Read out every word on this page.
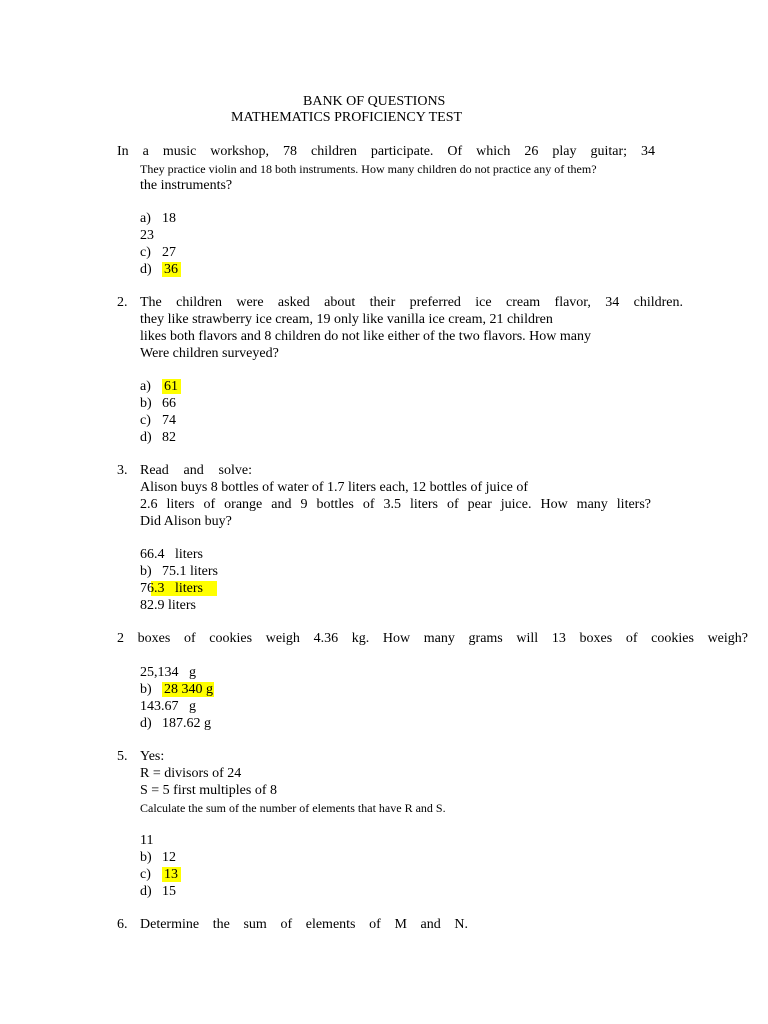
BANK OF QUESTIONS
MATHEMATICS PROFICIENCY TEST
In a music workshop, 78 children participate. Of which 26 play guitar; 34
They practice violin and 18 both instruments. How many children do not practice any of them?
the instruments?
a) 18
23
c) 27
d) 36
2. The children were asked about their preferred ice cream flavor, 34 children.
they like strawberry ice cream, 19 only like vanilla ice cream, 21 children
likes both flavors and 8 children do not like either of the two flavors. How many
Were children surveyed?
a) 61
b) 66
c) 74
d) 82
3. Read and solve:
Alison buys 8 bottles of water of 1.7 liters each, 12 bottles of juice of
2.6 liters of orange and 9 bottles of 3.5 liters of pear juice. How many liters?
Did Alison buy?
66.4   liters
b) 75.1 liters
76.3   liters
82.9 liters
2 boxes of cookies weigh 4.36 kg. How many grams will 13 boxes of cookies weigh?
25,134   g
b) 28 340 g
143.67   g
d) 187.62 g
5. Yes:
R = divisors of 24
S = 5 first multiples of 8
Calculate the sum of the number of elements that have R and S.
11
b) 12
c) 13
d) 15
6. Determine the sum of elements of M and N.
